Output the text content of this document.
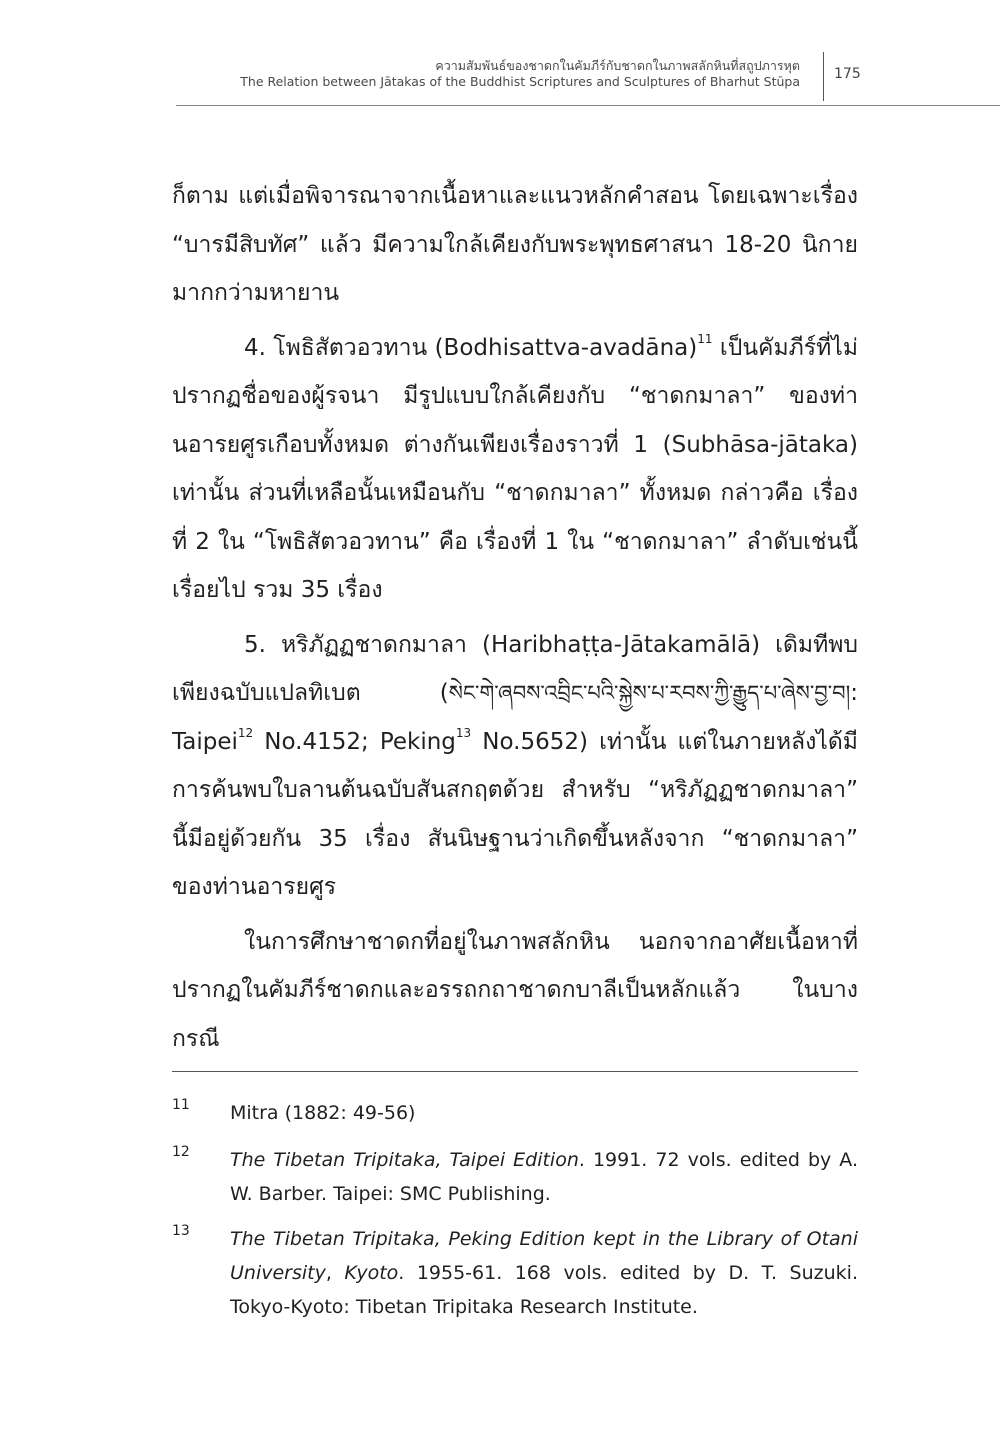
ความสัมพันธ์ของชาดกในคัมภีร์กับชาดกในภาพสลักหินที่สถูปภารหุต
The Relation between Jātakas of the Buddhist Scriptures and Sculptures of Bharhut Stūpa 175

ก็ตาม แต่เมื่อพิจารณาจากเนื้อหาและแนวหลักคำสอน โดยเฉพาะเรื่อง “บารมีสิบทัศ” แล้ว มีความใกล้เคียงกับพระพุทธศาสนา 18-20 นิกาย มากกว่ามหายาน

4. โพธิสัตวอวทาน (Bodhisattva-avadāna)$^{11}$ เป็นคัมภีร์ที่ไม่ปรากฏชื่อของผู้รจนา มีรูปแบบใกล้เคียงกับ “ชาดกมาลา” ของท่านอารยศูรเกือบทั้งหมด ต่างกันเพียงเรื่องราวที่ 1 (Subhāsa-jātaka) เท่านั้น ส่วนที่เหลือนั้นเหมือนกับ “ชาดกมาลา” ทั้งหมด กล่าวคือ เรื่องที่ 2 ใน “โพธิสัตวอวทาน” คือ เรื่องที่ 1 ใน “ชาดกมาลา” ลำดับเช่นนี้เรื่อยไป รวม 35 เรื่อง

5. หริภัฏฏชาดกมาลา (Haribhaṭṭa-Jātakamālā) เดิมทีพบเพียงฉบับแปลทิเบต (སེང་གེ་ཞབས་འབྲིང་པའི་སྐྱེས་པ་རབས་ཀྱི་རྒྱུད་པ་ཞེས་བྱ་བ།: Taipei$^{12}$ No.4152; Peking$^{13}$ No.5652) เท่านั้น แต่ในภายหลังได้มีการค้นพบใบลานต้นฉบับสันสกฤตด้วย สำหรับ “หริภัฏฏชาดกมาลา” นี้มีอยู่ด้วยกัน 35 เรื่อง สันนิษฐานว่าเกิดขึ้นหลังจาก “ชาดกมาลา” ของท่านอารยศูร

ในการศึกษาชาดกที่อยู่ในภาพสลักหิน นอกจากอาศัยเนื้อหาที่ปรากฏในคัมภีร์ชาดกและอรรถกถาชาดกบาลีเป็นหลักแล้ว ในบางกรณี

11 Mitra (1882: 49-56)
12 The Tibetan Tripitaka, Taipei Edition. 1991. 72 vols. edited by A. W. Barber. Taipei: SMC Publishing.
13 The Tibetan Tripitaka, Peking Edition kept in the Library of Otani University, Kyoto. 1955-61. 168 vols. edited by D. T. Suzuki. Tokyo-Kyoto: Tibetan Tripitaka Research Institute.
